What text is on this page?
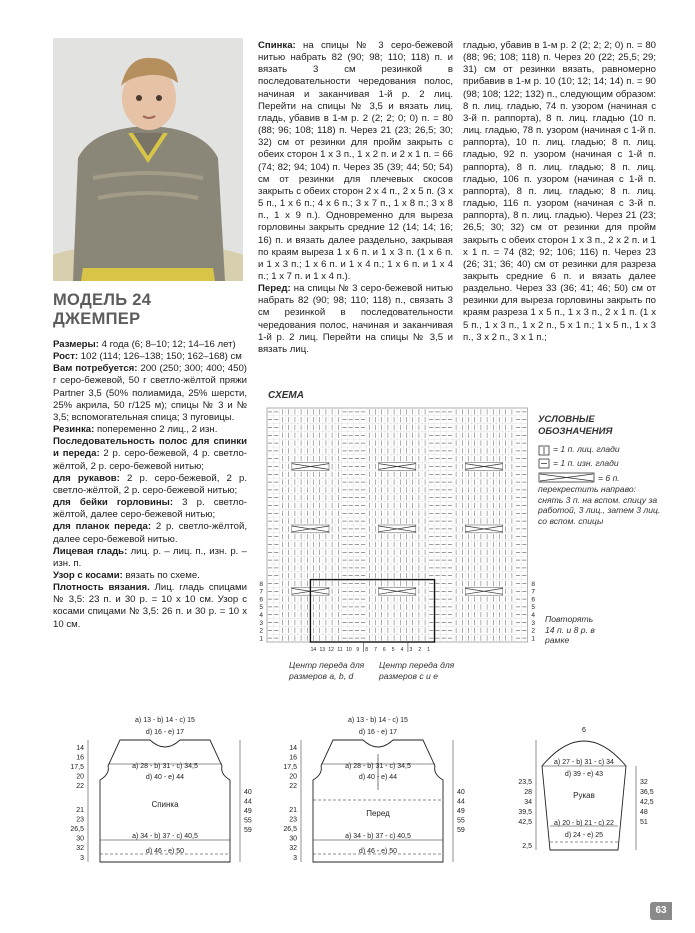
МОДЕЛЬ 24
ДЖЕМПЕР

Размеры: 4 года (6; 8–10; 12; 14–16 лет)

Рост: 102 (114; 126–138; 150; 162–168) см

Вам потребуется: 200 (250; 300; 400; 450) г серо-бежевой, 50 г светло-жёлтой пряжи Partner 3,5 (50% полиамида, 25% шерсти, 25% акрила, 50 г/125 м); спицы № 3 и № 3,5; вспомогательная спица; 3 пуговицы.

Резинка: попеременно 2 лиц., 2 изн.

Последовательность полос для спинки и переда: 2 р. серо-бежевой, 4 р. светло-жёлтой, 2 р. серо-бежевой нитью;

для рукавов: 2 р. серо-бежевой, 2 р. светло-жёлтой, 2 р. серо-бежевой нитью;

для бейки горловины: 3 р. светло-жёлтой, далее серо-бежевой нитью;

для планок переда: 2 р. светло-жёлтой, далее серо-бежевой нитью.

Лицевая гладь: лиц. р. – лиц. п., изн. р. – изн. п.

Узор с косами: вязать по схеме.

Плотность вязания. Лиц. гладь спицами № 3,5: 23 п. и 30 р. = 10 х 10 см. Узор с косами спицами № 3,5: 26 п. и 30 р. = 10 х 10 см.

Спинка: на спицы № 3 серо-бежевой нитью набрать 82 (90; 98; 110; 118) п. и вязать 3 см резинкой в последовательности чередования полос, начиная и заканчивая 1-й р. 2 лиц. Перейти на спицы № 3,5 и вязать лиц. гладь, убавив в 1-м р. 2 (2; 2; 0; 0) п. = 80 (88; 96; 108; 118) п. Через 21 (23; 26,5; 30; 32) см от резинки для пройм закрыть с обеих сторон 1 х 3 п., 1 х 2 п. и 2 х 1 п. = 66 (74; 82; 94; 104) п. Через 35 (39; 44; 50; 54) см от резинки для плечевых скосов закрыть с обеих сторон 2 х 4 п., 2 х 5 п. (3 х 5 п., 1 х 6 п.; 4 х 6 п.; 3 х 7 п., 1 х 8 п.; 3 х 8 п., 1 х 9 п.). Одновременно для выреза горловины закрыть средние 12 (14; 14; 16; 16) п. и вязать далее раздельно, закрывая по краям выреза 1 х 6 п. и 1 х 3 п. (1 х 6 п. и 1 х 3 п.; 1 х 6 п. и 1 х 4 п.; 1 х 6 п. и 1 х 4 п.; 1 х 7 п. и 1 х 4 п.).

Перед: на спицы № 3 серо-бежевой нитью набрать 82 (90; 98; 110; 118) п., связать 3 см резинкой в последовательности чередования полос, начиная и заканчивая 1-й р. 2 лиц. Перейти на спицы № 3,5 и вязать лиц.

гладью, убавив в 1-м р. 2 (2; 2; 2; 0) п. = 80 (88; 96; 108; 118) п. Через 20 (22; 25,5; 29; 31) см от резинки вязать, равномерно прибавив в 1-м р. 10 (10; 12; 14; 14) п. = 90 (98; 108; 122; 132) п., следующим образом: 8 п. лиц. гладью, 74 п. узором (начиная с 3-й п. раппорта), 8 п. лиц. гладью (10 п. лиц. гладью, 78 п. узором (начиная с 1-й п. раппорта), 10 п. лиц. гладью; 8 п. лиц. гладью, 92 п. узором (начиная с 1-й п. раппорта), 8 п. лиц. гладью; 8 п. лиц. гладью, 106 п. узором (начиная с 1-й п. раппорта), 8 п. лиц. гладью; 8 п. лиц. гладью, 116 п. узором (начиная с 3-й п. раппорта), 8 п. лиц. гладью). Через 21 (23; 26,5; 30; 32) см от резинки для пройм закрыть с обеих сторон 1 х 3 п., 2 х 2 п. и 1 х 1 п. = 74 (82; 92; 106; 116) п. Через 23 (26; 31; 36; 40) см от резинки для разреза закрыть средние 6 п. и вязать далее раздельно. Через 33 (36; 41; 46; 50) см от резинки для выреза горловины закрыть по краям разреза 1 х 5 п., 1 х 3 п., 2 х 1 п. (1 х 5 п., 1 х 3 п., 1 х 2 п., 5 х 1 п.; 1 х 5 п., 1 х 3 п., 3 х 2 п., 3 х 1 п.;

СХЕМА
8	8
7	7
6	6
5	5
4	4
3	3
2	2
1	1
14 13 12 11 10 9 8 7 6 5 4 3 2 1
УСЛОВНЫЕ ОБОЗНАЧЕНИЯ
= 1 п. лиц. глади
= 1 п. изн. глади
= 6 п.
перекрестить направо: снять 3 п. на вспом. спицу за работой, 3 лиц., затем 3 лиц. со вспом. спицы
Центр переда для размеров a, b, d
Центр переда для размеров c и e
Повторять 14 п. и 8 р. в рамке
a) 13 - b) 14 - c) 15
d) 16 - e) 17
a) 28 - b) 31 - c) 34,5
d) 40 - e) 44
Спинка
a) 34 - b) 37 - c) 40,5
d) 46 - e) 50
14
16
17,5
20
22
21
23
26,5
30
32
40
44
49
55
59
3
a) 13 - b) 14 - c) 15
d) 16 - e) 17
a) 28 - b) 31 - c) 34,5
d) 40 - e) 44
Перед
a) 34 - b) 37 - c) 40,5
d) 46 - e) 50
14
16
17,5
20
22
21
23
26,5
30
32
40
44
49
55
59
3
6
a) 27 - b) 31 - c) 34
d) 39 - e) 43
Рукав
a) 20 - b) 21 - c) 22
d) 24 - e) 25
23,5
28
34
39,5
42,5
32
36,5
42,5
48
51
2,5
63
